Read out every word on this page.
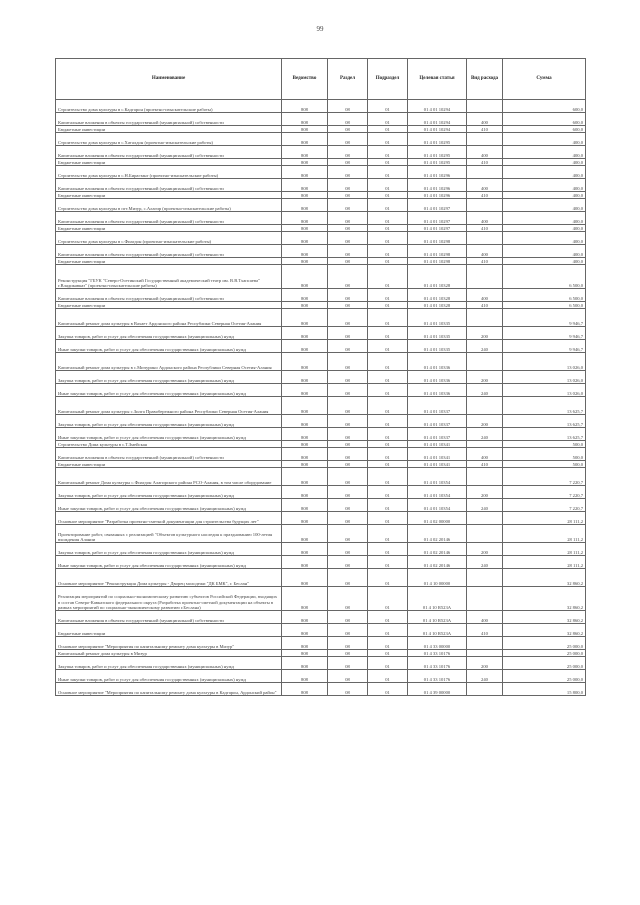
99
Наименование	Ведомство	Раздел	Подраздел	Целевая статья	Вид расхода	Сумма
Строительство дома культуры в с.Кадгарон (проектно-изыскательские работы)	808	08	01	01 4 01 10294		600,0
Капитальные вложения в объекты государственной (муниципальной) собственности	808	08	01	01 4 01 10294	400	600,0
Бюджетные инвестиции	808	08	01	01 4 01 10294	410	600,0
Строительство дома культуры в с.Хаталдон (проектно-изыскательские работы)	808	08	01	01 4 01 10295		400,0
Капитальные вложения в объекты государственной (муниципальной) собственности	808	08	01	01 4 01 10295	400	400,0
Бюджетные инвестиции	808	08	01	01 4 01 10295	410	400,0
Строительство дома культуры в с.Н.Бирагзанг (проектно-изыскательские работы)	808	08	01	01 4 01 10296		400,0
Капитальные вложения в объекты государственной (муниципальной) собственности	808	08	01	01 4 01 10296	400	400,0
Бюджетные инвестиции	808	08	01	01 4 01 10296	410	400,0
Строительство дома культуры в пгт.Мизур, с.Алагир (проектно-изыскательские работы)	808	08	01	01 4 01 10297		400,0
Капитальные вложения в объекты государственной (муниципальной) собственности	808	08	01	01 4 01 10297	400	400,0
Бюджетные инвестиции	808	08	01	01 4 01 10297	410	400,0
Строительство дома культуры в с.Фиагдон (проектно-изыскательские работы)	808	08	01	01 4 01 10298		400,0
Капитальные вложения в объекты государственной (муниципальной) собственности	808	08	01	01 4 01 10298	400	400,0
Бюджетные инвестиции	808	08	01	01 4 01 10298	410	400,0
Реконструкция "ГБУК "Северо-Осетинский Государственный академический театр им. В.В.Тхапсаева" г.Владикавказ" (проектно-изыскательские работы)	808	08	01	01 4 01 10328		6 500,0
Капитальные вложения в объекты государственной (муниципальной) собственности	808	08	01	01 4 01 10328	400	6 500,0
Бюджетные инвестиции	808	08	01	01 4 01 10328	410	6 500,0
Капитальный ремонт дома культуры в Вахает Ардонского района Республики Северная Осетия-Алания	808	08	01	01 4 01 10335		9 946,7
Закупка товаров, работ и услуг для обеспечения государственных (муниципальных) нужд	808	08	01	01 4 01 10335	200	9 946,7
Иные закупки товаров, работ и услуг для обеспечения государственных (муниципальных) нужд	808	08	01	01 4 01 10335	240	9 946,7
Капитальный ремонт дома культуры в с.Мичурино Ардонского района Республики Северная Осетия-Алания	808	08	01	01 4 01 10336		13 026,0
Закупка товаров, работ и услуг для обеспечения государственных (муниципальных) нужд	808	08	01	01 4 01 10336	200	13 026,0
Иные закупки товаров, работ и услуг для обеспечения государственных (муниципальных) нужд	808	08	01	01 4 01 10336	240	13 026,0
Капитальный ремонт дома культуры с.Зилга Правобережного района Республики Северная Осетия-Алания	808	08	01	01 4 01 10337		13 625,7
Закупка товаров, работ и услуг для обеспечения государственных (муниципальных) нужд	808	08	01	01 4 01 10337	200	13 625,7
Иные закупки товаров, работ и услуг для обеспечения государственных (муниципальных) нужд	808	08	01	01 4 01 10337	240	13 625,7
Строительство Дома культуры в с.Т.Змейская	808	08	01	01 4 01 10341		500,0
Капитальные вложения в объекты государственной (муниципальной) собственности	808	08	01	01 4 01 10341	400	500,0
Бюджетные инвестиции	808	08	01	01 4 01 10341	410	500,0
Капитальный ремонт Дома культуры с.Фиагдон Алагирского района РСО-Алания, в том числе оборудование	808	08	01	01 4 01 10354		7 220,7
Закупка товаров, работ и услуг для обеспечения государственных (муниципальных) нужд	808	08	01	01 4 01 10354	200	7 220,7
Иные закупки товаров, работ и услуг для обеспечения государственных (муниципальных) нужд	808	08	01	01 4 01 10354	240	7 220,7
Основное мероприятие "Разработка проектно-сметной документации для строительства будущих лет"	808	08	01	01 4 02 00000		28 111,2
Проектирование работ, связанных с реализацией "Объектов культурного наследия к празднованию 100-летия вхождения Алании	808	08	01	01 4 02 20146		28 111,2
Закупка товаров, работ и услуг для обеспечения государственных (муниципальных) нужд	808	08	01	01 4 02 20146	200	28 111,2
Иные закупки товаров, работ и услуг для обеспечения государственных (муниципальных) нужд	808	08	01	01 4 02 20146	240	28 111,2
Основное мероприятие "Реконструкция Дома культуры - Дворец молодежи "ДК БМК", г. Беслан"	808	08	01	01 4 10 00000		32 860,2
Реализация мероприятий по социально-экономическому развитию субъектов Российской Федерации, входящих в состав Северо-Кавказского федерального округа (Разработка проектно-сметной документации на объекты в рамках мероприятий по социально-экономическому развитию г.Беслана)	808	08	01	01 4 10 R523А		32 860,2
Капитальные вложения в объекты государственной (муниципальной) собственности	808	08	01	01 4 10 R523А	400	32 860,2
Бюджетные инвестиции	808	08	01	01 4 10 R523А	410	32 860,2
Основное мероприятие "Мероприятия по капитальному ремонту дома культуры в Мизур"	808	08	01	01 4 33 00000		25 000,0
Капитальный ремонт дома культуры в Мизур	808	08	01	01 4 33 10176		25 000,0
Закупка товаров, работ и услуг для обеспечения государственных (муниципальных) нужд	808	08	01	01 4 33 10176	200	25 000,0
Иные закупки товаров, работ и услуг для обеспечения государственных (муниципальных) нужд	808	08	01	01 4 33 10176	240	25 000,0
Основное мероприятие "Мероприятия по капитальному ремонту дома культуры в Кадгарон, Ардонский район"	808	08	01	01 4 39 00000		15 800,0
